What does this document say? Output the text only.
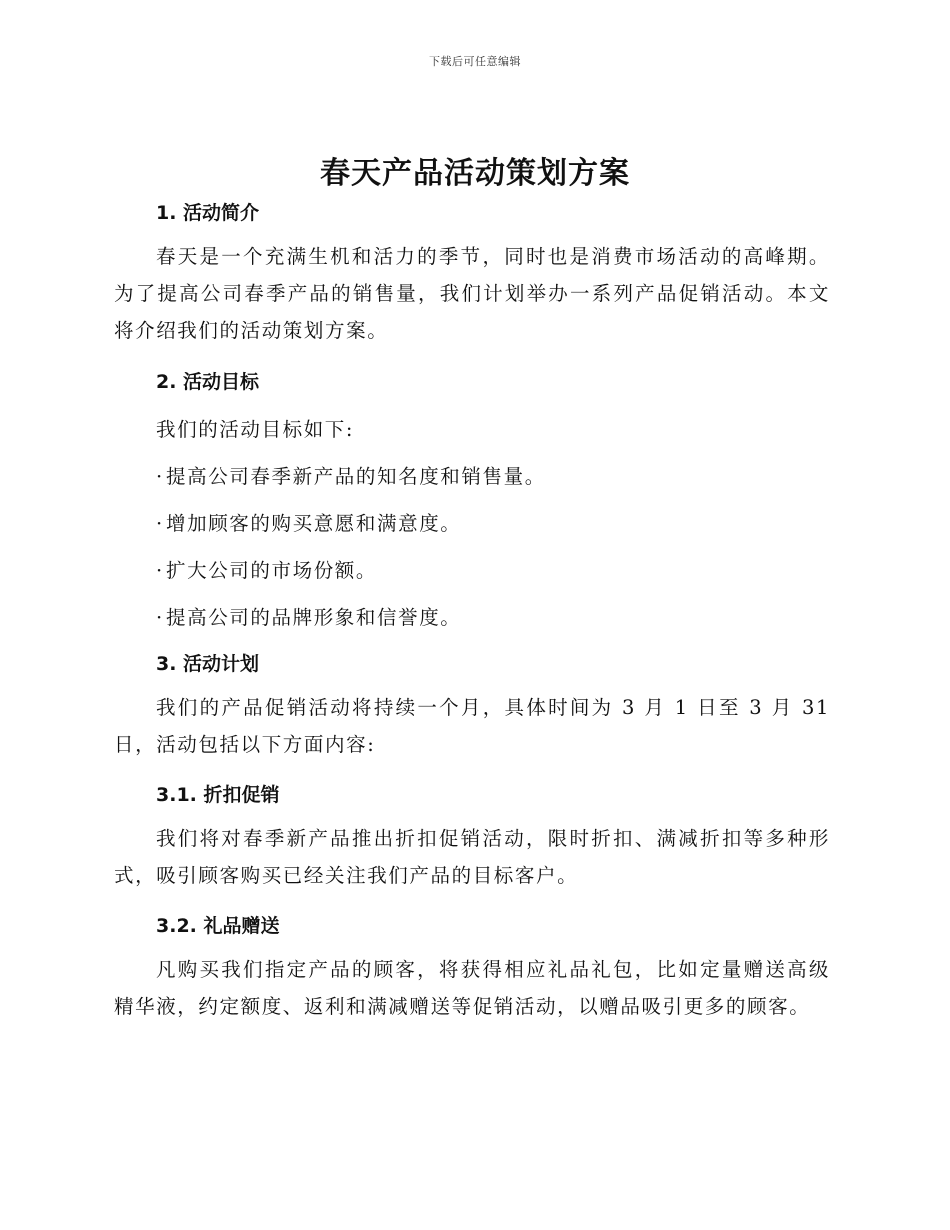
下载后可任意编辑
春天产品活动策划方案
1. 活动简介

春天是一个充满生机和活力的季节，同时也是消费市场活动的高峰期。为了提高公司春季产品的销售量，我们计划举办一系列产品促销活动。本文将介绍我们的活动策划方案。

2. 活动目标

我们的活动目标如下:

· 提高公司春季新产品的知名度和销售量。

· 增加顾客的购买意愿和满意度。

· 扩大公司的市场份额。

· 提高公司的品牌形象和信誉度。

3. 活动计划

我们的产品促销活动将持续一个月，具体时间为 3 月 1 日至 3 月 31 日，活动包括以下方面内容:

3.1. 折扣促销

我们将对春季新产品推出折扣促销活动，限时折扣、满减折扣等多种形式，吸引顾客购买已经关注我们产品的目标客户。

3.2. 礼品赠送

凡购买我们指定产品的顾客，将获得相应礼品礼包，比如定量赠送高级精华液，约定额度、返利和满减赠送等促销活动，以赠品吸引更多的顾客。
